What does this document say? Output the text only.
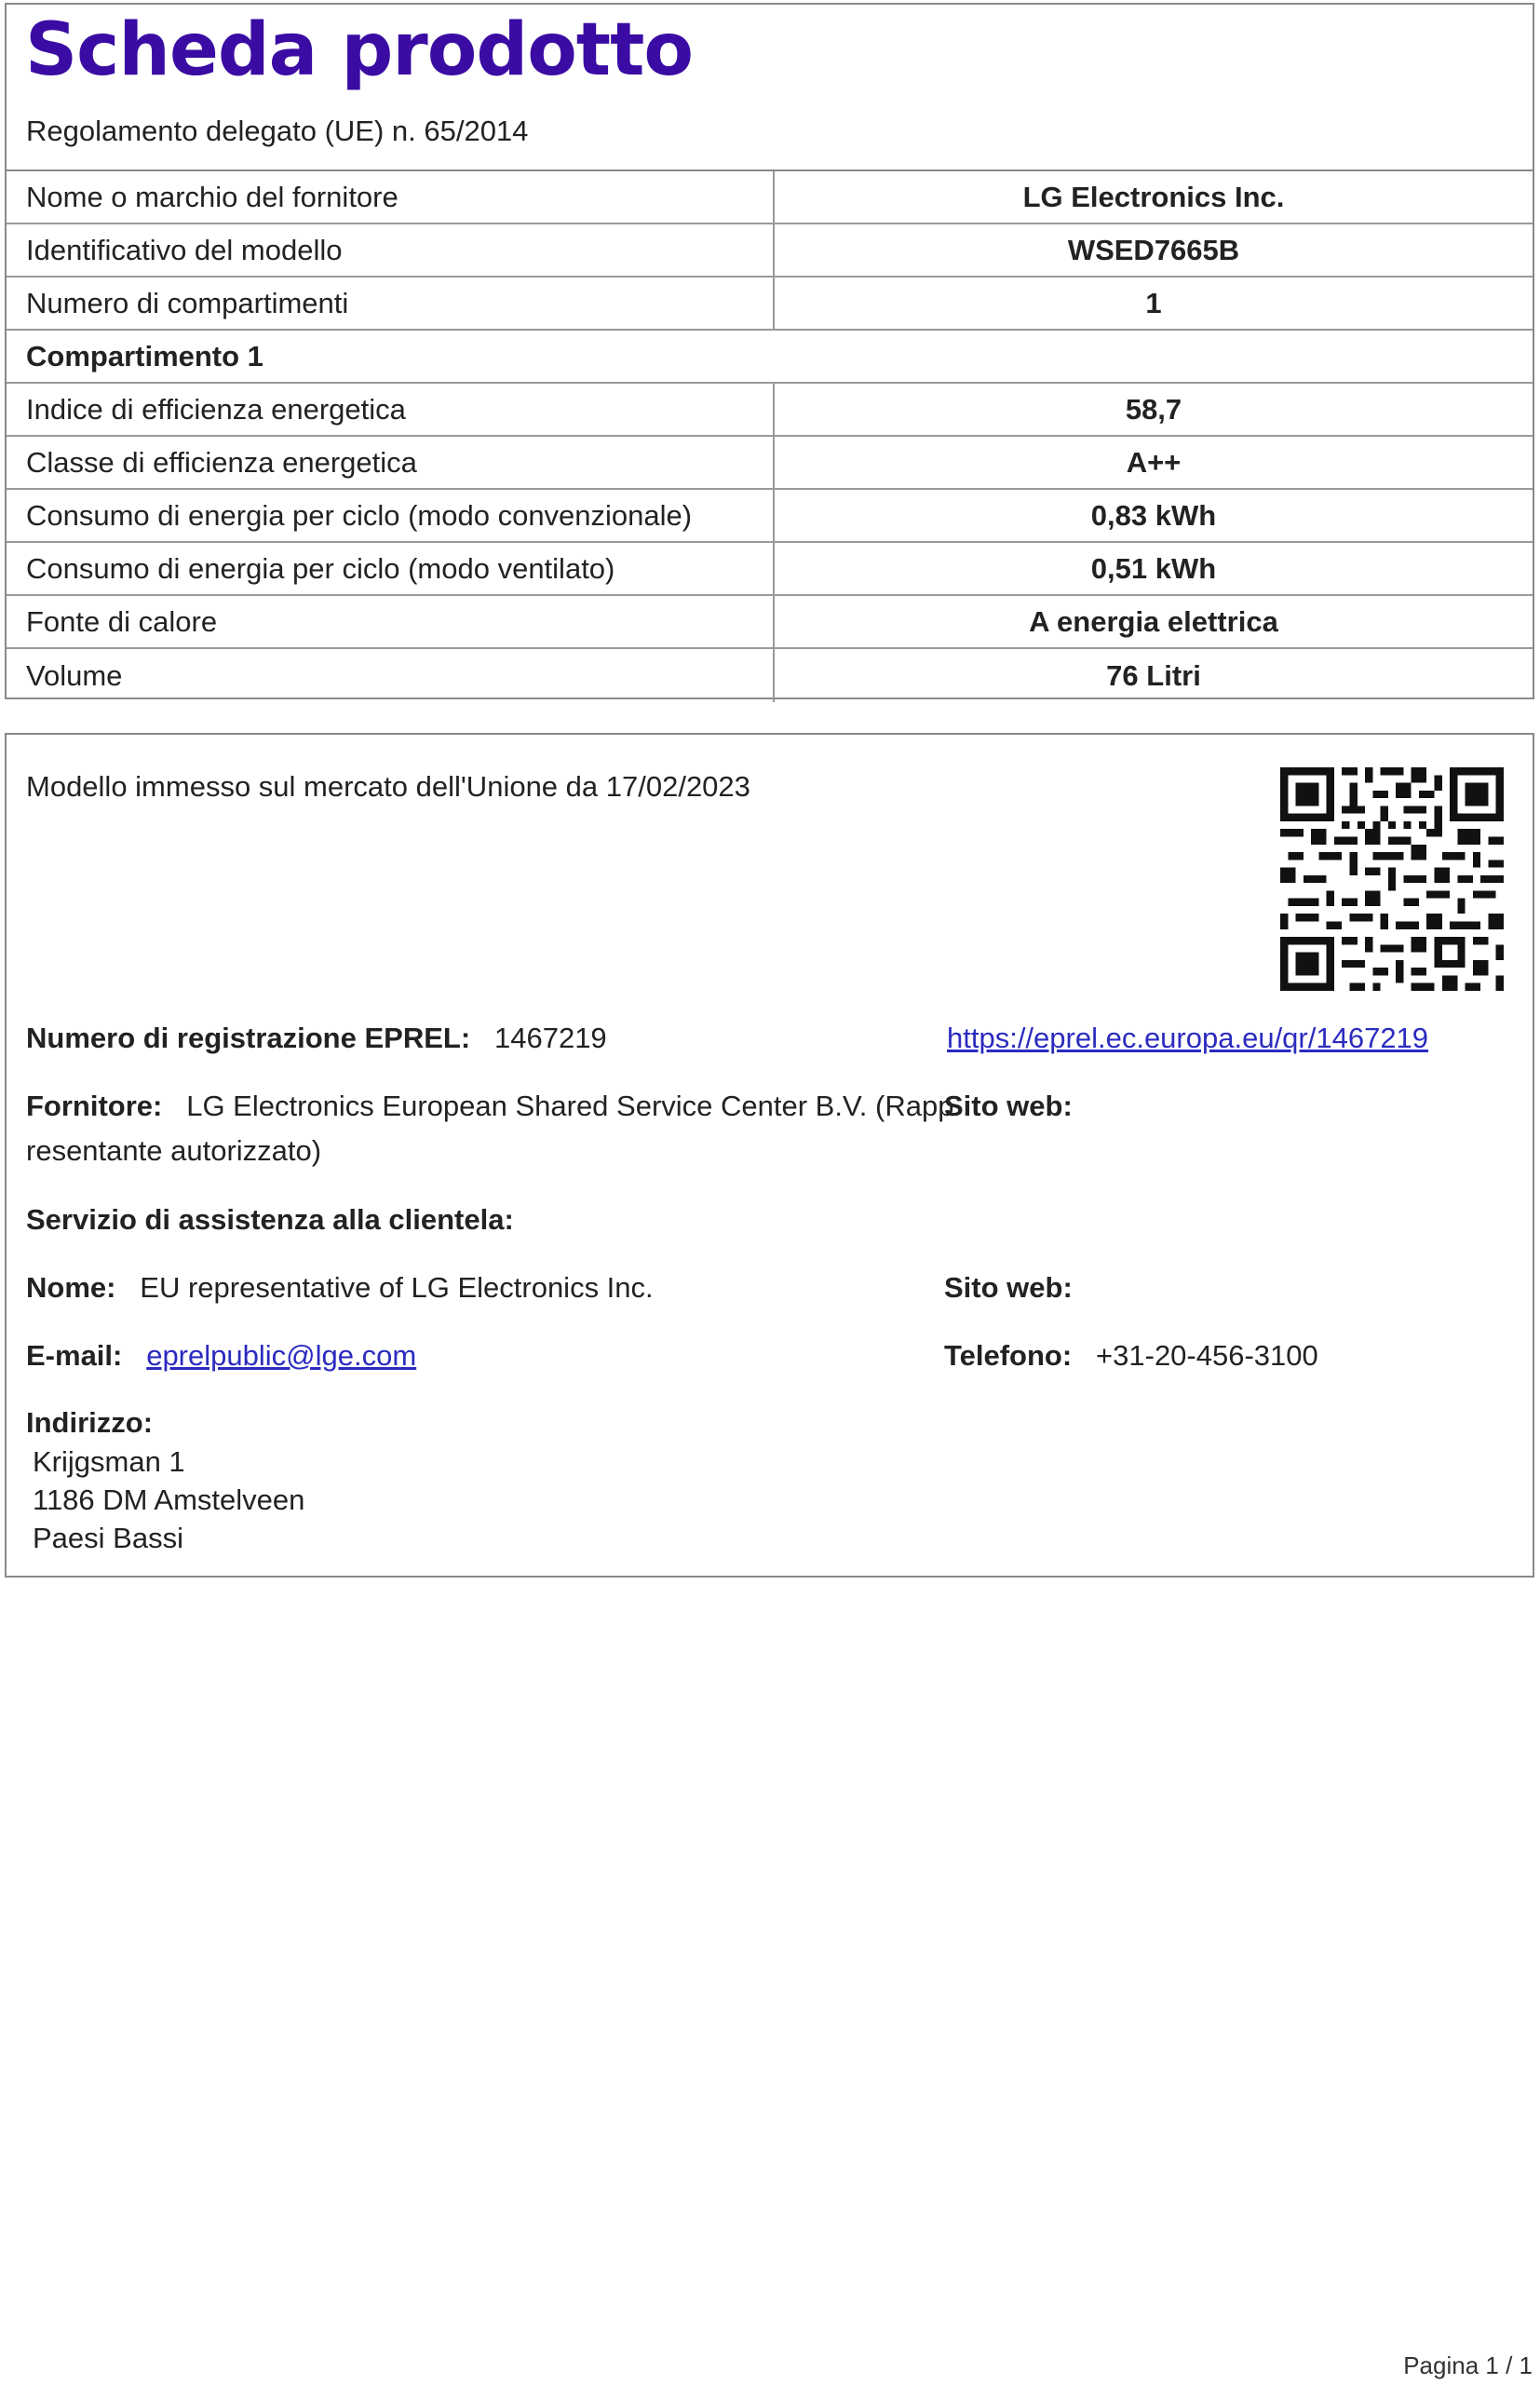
Scheda prodotto
Regolamento delegato (UE) n. 65/2014
Nome o marchio del fornitore	LG Electronics Inc.
Identificativo del modello	WSED7665B
Numero di compartimenti	1
Compartimento 1
Indice di efficienza energetica	58,7
Classe di efficienza energetica	A++
Consumo di energia per ciclo (modo convenzionale)	0,83 kWh
Consumo di energia per ciclo (modo ventilato)	0,51 kWh
Fonte di calore	A energia elettrica
Volume	76 Litri
Modello immesso sul mercato dell'Unione da 17/02/2023
Numero di registrazione EPREL: 1467219	https://eprel.ec.europa.eu/qr/1467219
Fornitore: LG Electronics European Shared Service Center B.V. (Rapp
resentante autorizzato)
Sito web:
Servizio di assistenza alla clientela:
Nome: EU representative of LG Electronics Inc.	Sito web:
E-mail: eprelpublic@lge.com	Telefono: +31-20-456-3100
Indirizzo:
Krijgsman 1
1186 DM Amstelveen
Paesi Bassi
Pagina 1 / 1
